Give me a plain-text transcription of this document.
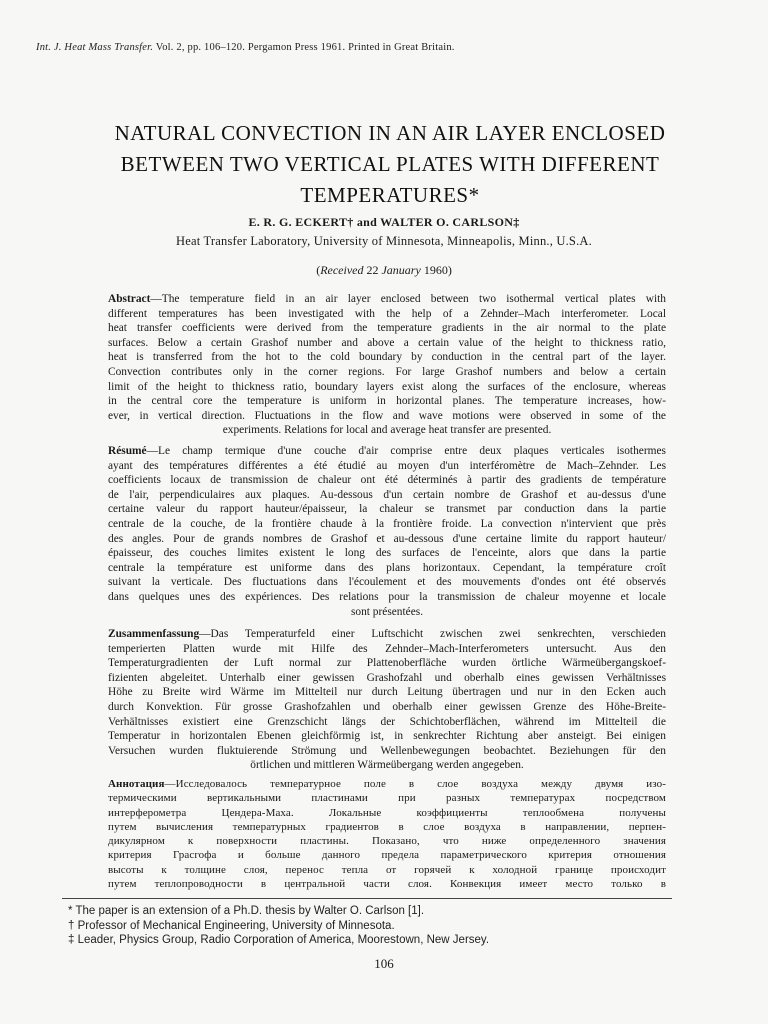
Int. J. Heat Mass Transfer. Vol. 2, pp. 106–120. Pergamon Press 1961. Printed in Great Britain.
NATURAL CONVECTION IN AN AIR LAYER ENCLOSED
BETWEEN TWO VERTICAL PLATES WITH DIFFERENT
TEMPERATURES*
E. R. G. ECKERT† and WALTER O. CARLSON‡
Heat Transfer Laboratory, University of Minnesota, Minneapolis, Minn., U.S.A.
(Received 22 January 1960)
Abstract—The temperature field in an air layer enclosed between two isothermal vertical plates with
different temperatures has been investigated with the help of a Zehnder–Mach interferometer. Local
heat transfer coefficients were derived from the temperature gradients in the air normal to the plate
surfaces. Below a certain Grashof number and above a certain value of the height to thickness ratio,
heat is transferred from the hot to the cold boundary by conduction in the central part of the layer.
Convection contributes only in the corner regions. For large Grashof numbers and below a certain
limit of the height to thickness ratio, boundary layers exist along the surfaces of the enclosure, whereas
in the central core the temperature is uniform in horizontal planes. The temperature increases, how-
ever, in vertical direction. Fluctuations in the flow and wave motions were observed in some of the
experiments. Relations for local and average heat transfer are presented.
Résumé—Le champ termique d'une couche d'air comprise entre deux plaques verticales isothermes
ayant des températures différentes a été étudié au moyen d'un interféromètre de Mach–Zehnder. Les
coefficients locaux de transmission de chaleur ont été déterminés à partir des gradients de température
de l'air, perpendiculaires aux plaques. Au-dessous d'un certain nombre de Grashof et au-dessus d'une
certaine valeur du rapport hauteur/épaisseur, la chaleur se transmet par conduction dans la partie
centrale de la couche, de la frontière chaude à la frontière froide. La convection n'intervient que près
des angles. Pour de grands nombres de Grashof et au-dessous d'une certaine limite du rapport hauteur/
épaisseur, des couches limites existent le long des surfaces de l'enceinte, alors que dans la partie
centrale la température est uniforme dans des plans horizontaux. Cependant, la température croît
suivant la verticale. Des fluctuations dans l'écoulement et des mouvements d'ondes ont été observés
dans quelques unes des expériences. Des relations pour la transmission de chaleur moyenne et locale
sont présentées.
Zusammenfassung—Das Temperaturfeld einer Luftschicht zwischen zwei senkrechten, verschieden
temperierten Platten wurde mit Hilfe des Zehnder–Mach-Interferometers untersucht. Aus den
Temperaturgradienten der Luft normal zur Plattenoberfläche wurden örtliche Wärmeübergangskoef-
fizienten abgeleitet. Unterhalb einer gewissen Grashofzahl und oberhalb eines gewissen Verhältnisses
Höhe zu Breite wird Wärme im Mittelteil nur durch Leitung übertragen und nur in den Ecken auch
durch Konvektion. Für grosse Grashofzahlen und oberhalb einer gewissen Grenze des Höhe-Breite-
Verhältnisses existiert eine Grenzschicht längs der Schichtoberflächen, während im Mittelteil die
Temperatur in horizontalen Ebenen gleichförmig ist, in senkrechter Richtung aber ansteigt. Bei einigen
Versuchen wurden fluktuierende Strömung und Wellenbewegungen beobachtet. Beziehungen für den
örtlichen und mittleren Wärmeübergang werden angegeben.
Аннотация—Исследовалось температурное поле в слое воздуха между двумя изо-
термическими вертикальными пластинами при разных температурах посредством
интерферометра Цендера-Маха. Локальные коэффициенты теплообмена получены
путем вычисления температурных градиентов в слое воздуха в направлении, перпен-
дикулярном к поверхности пластины. Показано, что ниже определенного значения
критерия Грасгофа и больше данного предела параметрического критерия отношения
высоты к толщине слоя, перенос тепла от горячей к холодной границе происходит
путем теплопроводности в центральной части слоя. Конвекция имеет место только в
* The paper is an extension of a Ph.D. thesis by Walter O. Carlson [1].
† Professor of Mechanical Engineering, University of Minnesota.
‡ Leader, Physics Group, Radio Corporation of America, Moorestown, New Jersey.
106
